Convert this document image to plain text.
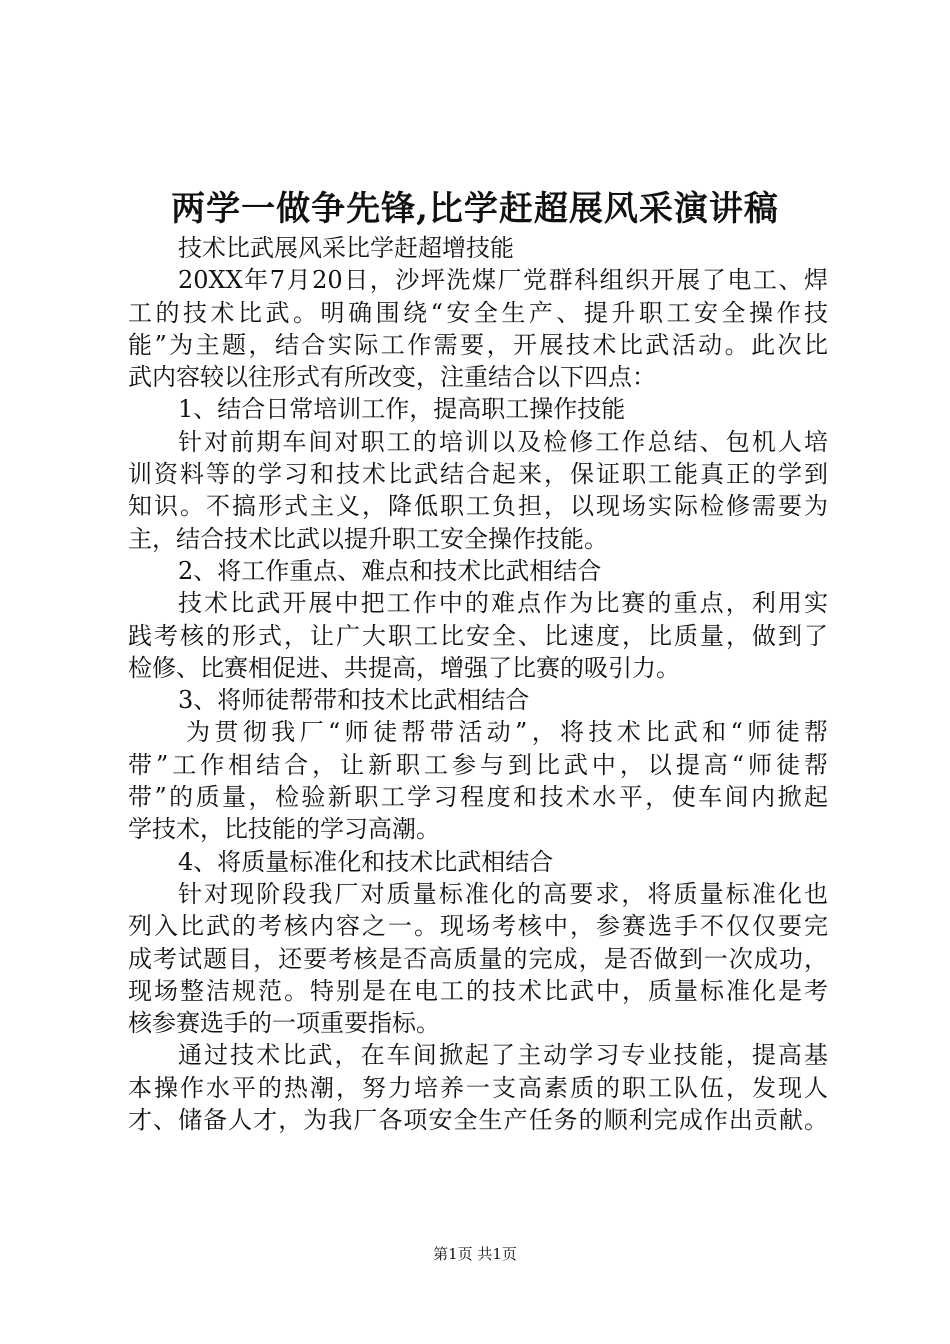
两学一做争先锋,比学赶超展风采演讲稿

技术比武展风采比学赶超增技能

20XX年7月20日，沙坪洗煤厂党群科组织开展了电工、焊
工的技术比武。明确围绕“安全生产、提升职工安全操作技
能”为主题，结合实际工作需要，开展技术比武活动。此次比
武内容较以往形式有所改变，注重结合以下四点：

1、结合日常培训工作，提高职工操作技能

针对前期车间对职工的培训以及检修工作总结、包机人培
训资料等的学习和技术比武结合起来，保证职工能真正的学到
知识。不搞形式主义，降低职工负担，以现场实际检修需要为
主，结合技术比武以提升职工安全操作技能。

2、将工作重点、难点和技术比武相结合

技术比武开展中把工作中的难点作为比赛的重点，利用实
践考核的形式，让广大职工比安全、比速度，比质量，做到了
检修、比赛相促进、共提高，增强了比赛的吸引力。

3、将师徒帮带和技术比武相结合

为贯彻我厂“师徒帮带活动”，将技术比武和“师徒帮
带”工作相结合，让新职工参与到比武中，以提高“师徒帮
带”的质量，检验新职工学习程度和技术水平，使车间内掀起
学技术，比技能的学习高潮。

4、将质量标准化和技术比武相结合

针对现阶段我厂对质量标准化的高要求，将质量标准化也
列入比武的考核内容之一。现场考核中，参赛选手不仅仅要完
成考试题目，还要考核是否高质量的完成，是否做到一次成功，
现场整洁规范。特别是在电工的技术比武中，质量标准化是考
核参赛选手的一项重要指标。

通过技术比武，在车间掀起了主动学习专业技能，提高基
本操作水平的热潮，努力培养一支高素质的职工队伍，发现人
才、储备人才，为我厂各项安全生产任务的顺利完成作出贡献。

第1页 共1页
